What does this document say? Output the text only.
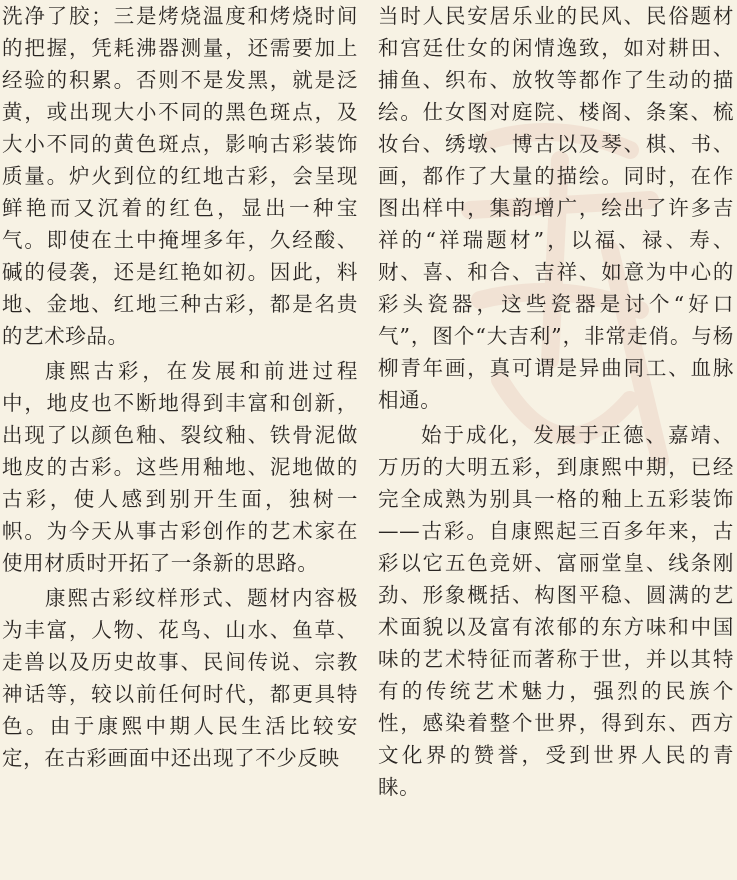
洗净了胶；三是烤烧温度和烤烧时间的把握，凭耗沸器测量，还需要加上经验的积累。否则不是发黑，就是泛黄，或出现大小不同的黑色斑点，及大小不同的黄色斑点，影响古彩装饰质量。炉火到位的红地古彩，会呈现鲜艳而又沉着的红色，显出一种宝气。即使在土中掩埋多年，久经酸、碱的侵袭，还是红艳如初。因此，料地、金地、红地三种古彩，都是名贵的艺术珍品。

康熙古彩，在发展和前进过程中，地皮也不断地得到丰富和创新，出现了以颜色釉、裂纹釉、铁骨泥做地皮的古彩。这些用釉地、泥地做的古彩，使人感到别开生面，独树一帜。为今天从事古彩创作的艺术家在使用材质时开拓了一条新的思路。

康熙古彩纹样形式、题材内容极为丰富，人物、花鸟、山水、鱼草、走兽以及历史故事、民间传说、宗教神话等，较以前任何时代，都更具特色。由于康熙中期人民生活比较安定，在古彩画面中还出现了不少反映

当时人民安居乐业的民风、民俗题材和宫廷仕女的闲情逸致，如对耕田、捕鱼、织布、放牧等都作了生动的描绘。仕女图对庭院、楼阁、条案、梳妆台、绣墩、博古以及琴、棋、书、画，都作了大量的描绘。同时，在作图出样中，集韵增广，绘出了许多吉祥的“祥瑞题材”，以福、禄、寿、财、喜、和合、吉祥、如意为中心的彩头瓷器，这些瓷器是讨个“好口气”，图个“大吉利”，非常走俏。与杨柳青年画，真可谓是异曲同工、血脉相通。

始于成化，发展于正德、嘉靖、万历的大明五彩，到康熙中期，已经完全成熟为别具一格的釉上五彩装饰——古彩。自康熙起三百多年来，古彩以它五色竞妍、富丽堂皇、线条刚劲、形象概括、构图平稳、圆满的艺术面貌以及富有浓郁的东方味和中国味的艺术特征而著称于世，并以其特有的传统艺术魅力，强烈的民族个性，感染着整个世界，得到东、西方文化界的赞誉，受到世界人民的青睐。
